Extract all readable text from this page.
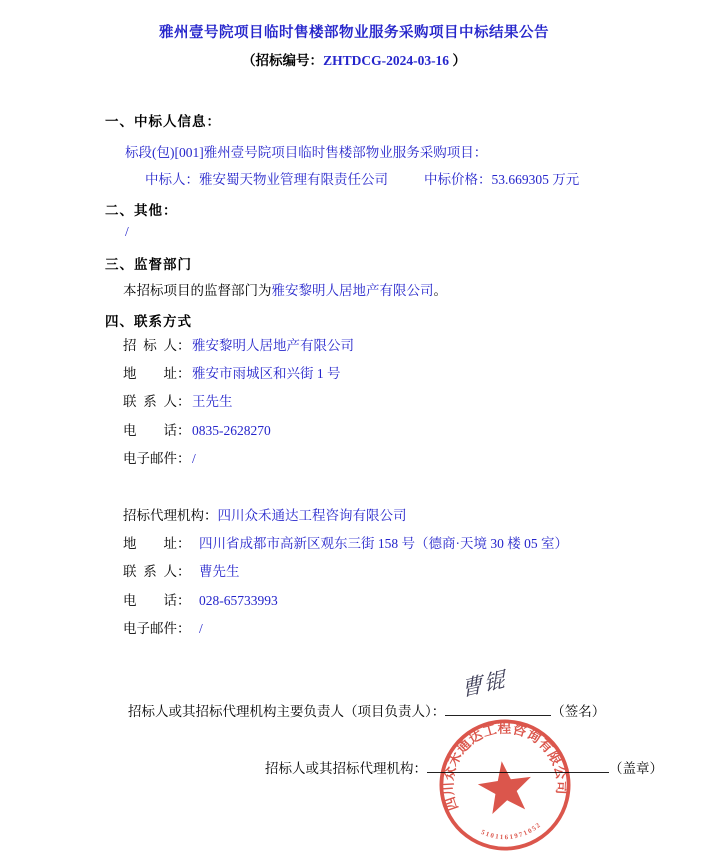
雅州壹号院项目临时售楼部物业服务采购项目中标结果公告
（招标编号：ZHTDCG-2024-03-16 ）
一、中标人信息：
标段(包)[001]雅州壹号院项目临时售楼部物业服务采购项目：
中标人：雅安蜀天物业管理有限责任公司	中标价格：53.669305 万元
二、其他：
/
三、监督部门
本招标项目的监督部门为雅安黎明人居地产有限公司。
四、联系方式
招 标 人： 雅安黎明人居地产有限公司
地　　址： 雅安市雨城区和兴街 1 号
联 系 人： 王先生
电　　话： 0835-2628270
电子邮件： /
招标代理机构： 四川众禾通达工程咨询有限公司
地　　址： 四川省成都市高新区观东三街 158 号（德商·天境 30 楼 05 室）
联 系 人： 曹先生
电　　话： 028-65733993
电子邮件： /
招标人或其招标代理机构主要负责人（项目负责人）：
曹锟
（签名）
招标人或其招标代理机构：	（盖章）
四川众禾通达工程咨询有限公司
5101161971052
